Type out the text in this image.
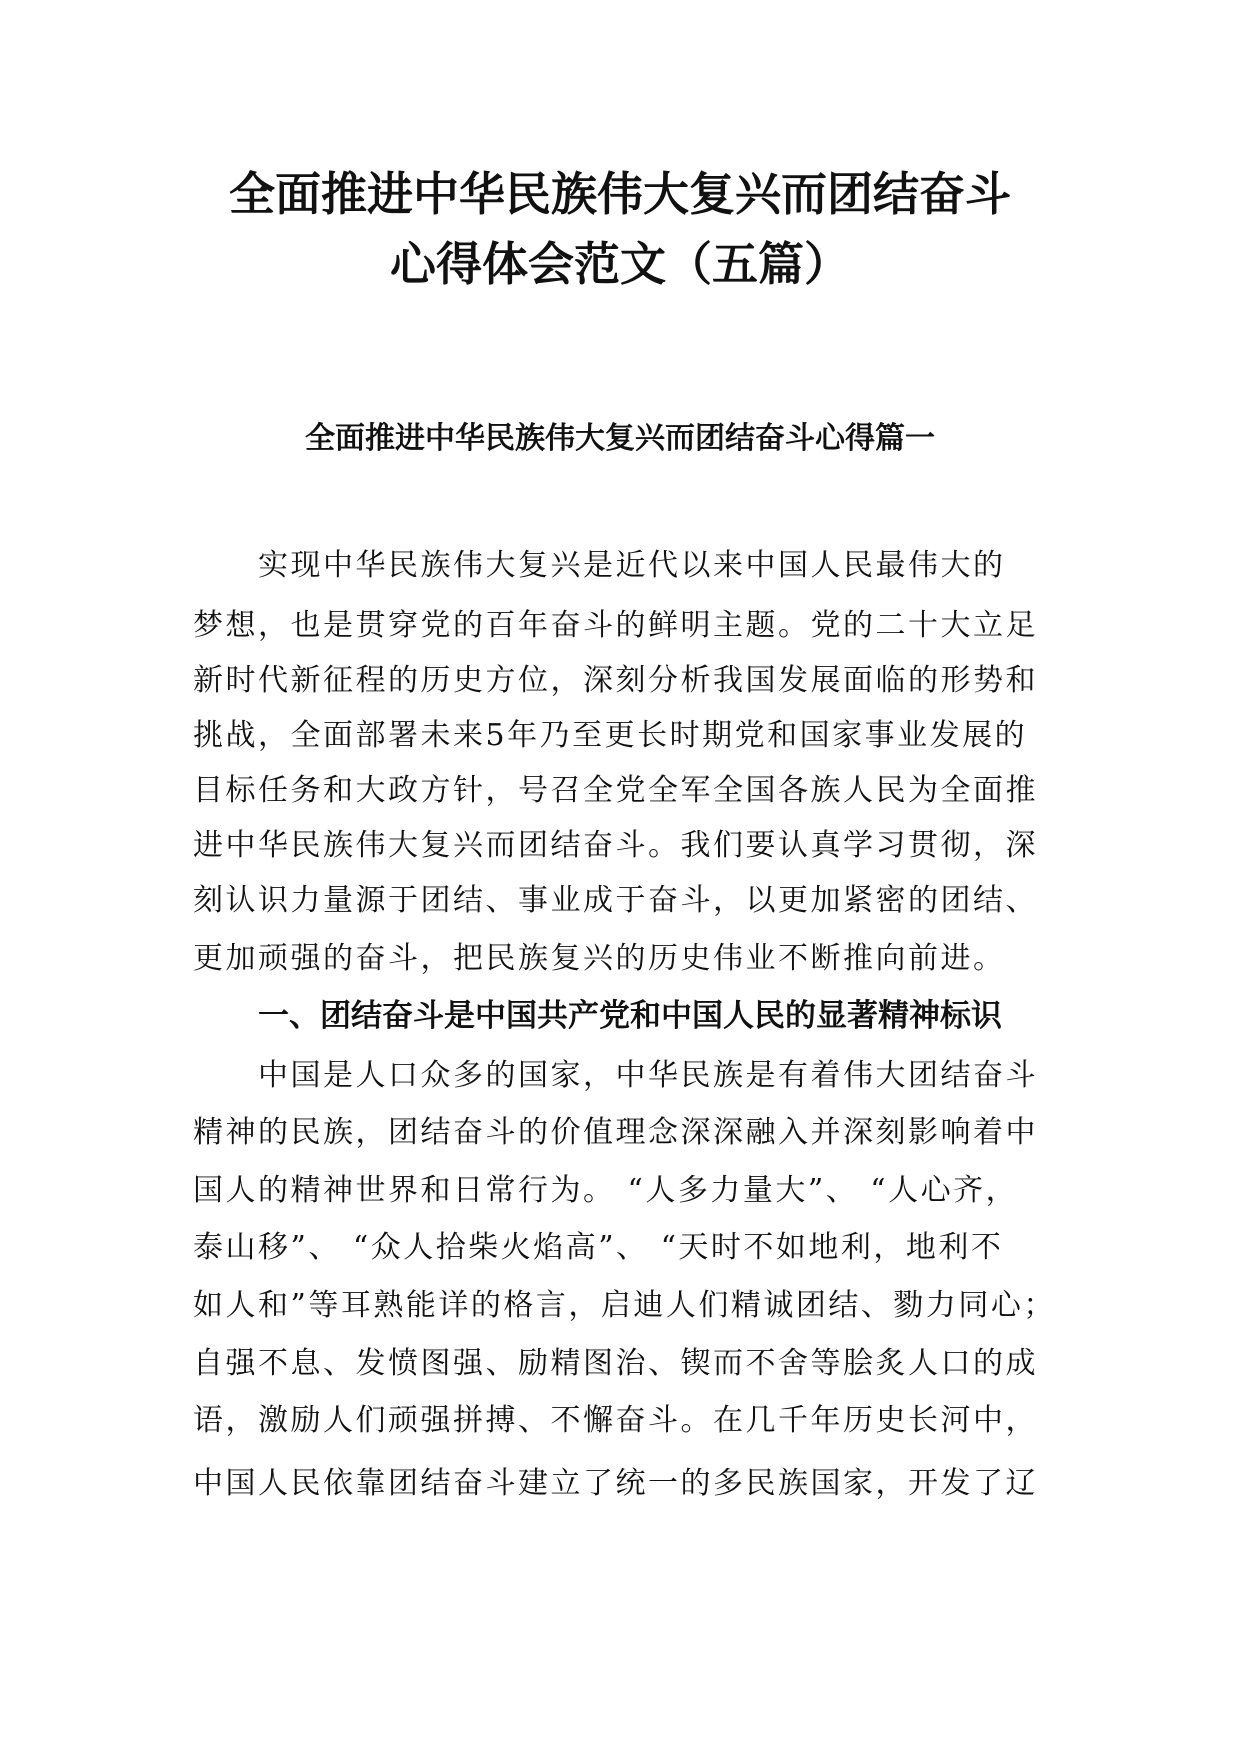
全面推进中华民族伟大复兴而团结奋斗
心得体会范文（五篇）
全面推进中华民族伟大复兴而团结奋斗心得篇一
实现中华民族伟大复兴是近代以来中国人民最伟大的
梦想，也是贯穿党的百年奋斗的鲜明主题。党的二十大立足
新时代新征程的历史方位，深刻分析我国发展面临的形势和
挑战，全面部署未来5年乃至更长时期党和国家事业发展的
目标任务和大政方针，号召全党全军全国各族人民为全面推
进中华民族伟大复兴而团结奋斗。我们要认真学习贯彻，深
刻认识力量源于团结、事业成于奋斗，以更加紧密的团结、
更加顽强的奋斗，把民族复兴的历史伟业不断推向前进。
一、团结奋斗是中国共产党和中国人民的显著精神标识
中国是人口众多的国家，中华民族是有着伟大团结奋斗
精神的民族，团结奋斗的价值理念深深融入并深刻影响着中
国人的精神世界和日常行为。 “人多力量大”、 “人心齐，
泰山移”、 “众人拾柴火焰高”、 “天时不如地利，地利不
如人和”等耳熟能详的格言，启迪人们精诚团结、勠力同心；
自强不息、发愤图强、励精图治、锲而不舍等脍炙人口的成
语，激励人们顽强拼搏、不懈奋斗。在几千年历史长河中，
中国人民依靠团结奋斗建立了统一的多民族国家，开发了辽
